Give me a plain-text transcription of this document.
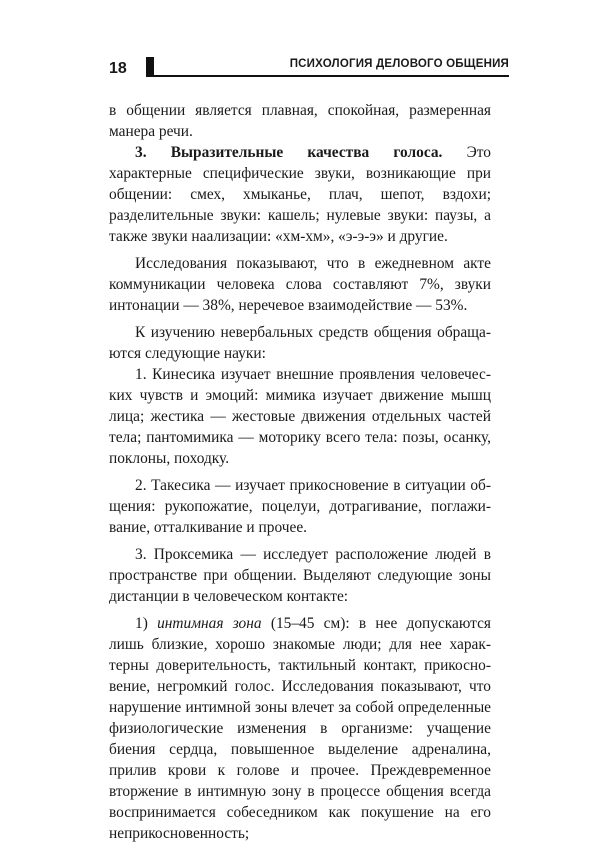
18	ПСИХОЛОГИЯ ДЕЛОВОГО ОБЩЕНИЯ

в общении является плавная, спокойная, размеренная манера речи.

3. Выразительные качества голоса. Это характерные специфические звуки, возникающие при общении: смех, хмыканье, плач, шепот, вздохи; разделительные звуки: кашель; нулевые звуки: паузы, а также звуки наализации: «хм-хм», «э-э-э» и другие.

Исследования показывают, что в ежедневном акте коммуникации человека слова составляют 7%, звуки интонации — 38%, неречевое взаимодействие — 53%.

К изучению невербальных средств общения обращаются следующие науки:

1. Кинесика изучает внешние проявления человеческих чувств и эмоций: мимика изучает движение мышц лица; жестика — жестовые движения отдельных частей тела; пантомимика — моторику всего тела: позы, осанку, поклоны, походку.

2. Такесика — изучает прикосновение в ситуации общения: рукопожатие, поцелуи, дотрагивание, поглаживание, отталкивание и прочее.

3. Проксемика — исследует расположение людей в пространстве при общении. Выделяют следующие зоны дистанции в человеческом контакте:

1) интимная зона (15–45 см): в нее допускаются лишь близкие, хорошо знакомые люди; для нее характерны доверительность, тактильный контакт, прикосновение, негромкий голос. Исследования показывают, что нарушение интимной зоны влечет за собой определенные физиологические изменения в организме: учащение биения сердца, повышенное выделение адреналина, прилив крови к голове и прочее. Преждевременное вторжение в интимную зону в процессе общения всегда воспринимается собеседником как покушение на его неприкосновенность;
